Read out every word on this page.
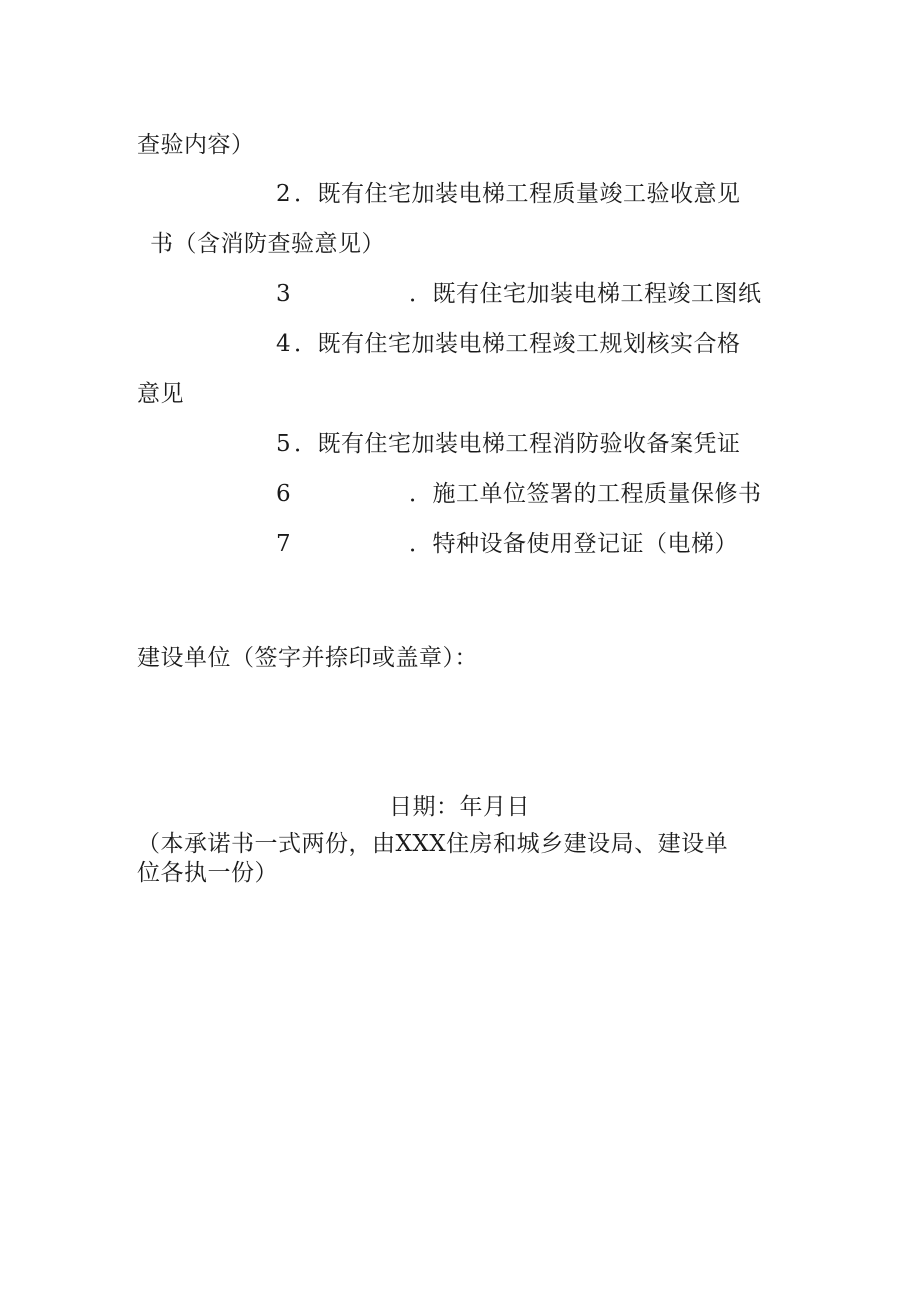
查验内容）
2 ．既有住宅加装电梯工程质量竣工验收意见
书（含消防查验意见）
3	．既有住宅加装电梯工程竣工图纸
4 ．既有住宅加装电梯工程竣工规划核实合格
意见
5 ．既有住宅加装电梯工程消防验收备案凭证
6	．施工单位签署的工程质量保修书
7	．特种设备使用登记证（电梯）
建设单位（签字并捺印或盖章）：
日期：年月日
（本承诺书一式两份，由XXX住房和城乡建设局、建设单
位各执一份）
